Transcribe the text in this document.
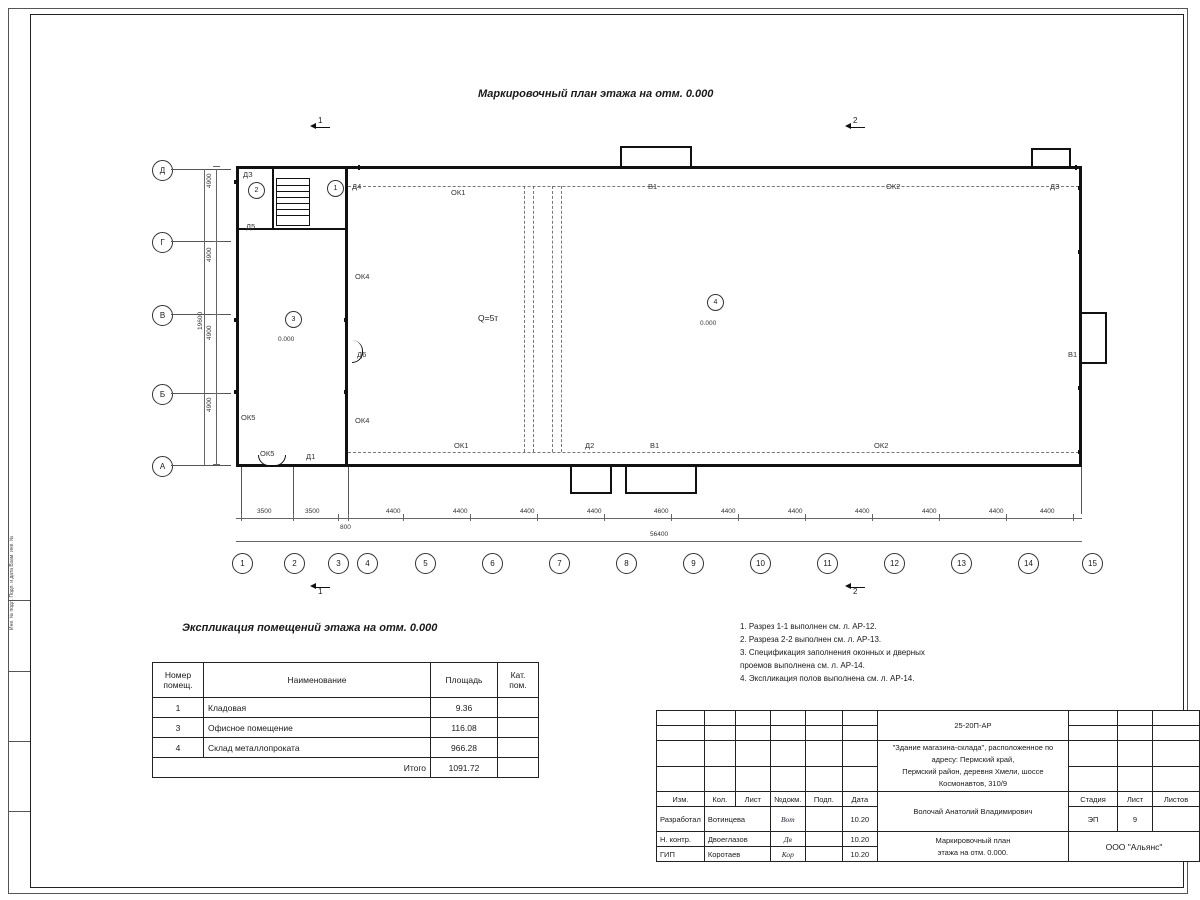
Инв. № подл. Подп. и дата Взам. инв. №
Маркировочный план этажа на отм. 0.000
1	2
1	2
Д
Г
В
Б
А
4900
4900
4900
4900
19600
ДЗ
Д4
Д5
Д6
Д1
Д2
ДЗ
ОК1
ОК2
ОК4
ОК4
ОК5
ОК5
ОК1	ОК2
В1
В1
В1
Q=5т
1
2
3
0.000
4
0.000
3500	3500	4400	4400	4400	4400	4600	4400	4400	4400	4400	4400	4400
800
56400
1	2	3	4	5	6	7	8	9	10	11	12	13	14	15
Экспликация помещений этажа на отм. 0.000
Номер помещ.	Наименование	Площадь	Кат. пом.
1	Кладовая	9.36	
3	Офисное помещение	116.08	
4	Склад металлопроката	966.28	
Итого		1091.72	
1. Разрез 1-1 выполнен см. л. АР-12.
2. Разреза 2-2 выполнен см. л. АР-13.
3. Спецификация заполнения оконных и дверных
проемов выполнена см. л. АР-14.
4. Экспликация полов выполнена см. л. АР-14.
						25-20П-АР			

						"Здание магазина-склада", расположенное по адресу: Пермский край,
Пермский район, деревня Хмели, шоссе Космонавтов, 310/9			

Изм.	Кол.	Лист	№докм.	Подп.	Дата	Волочай Анатолий Владимирович	Стадия	Лист	Листов
Разработал	Вотинцева		Вот		10.20		ЭП	9	
Н. контр.	Двоеглазов		Дв		10.20	Маркировочный план
этажа на отм. 0.000.	ООО "Альянс"		
ГИП	Коротаев		Кор		10.20				
